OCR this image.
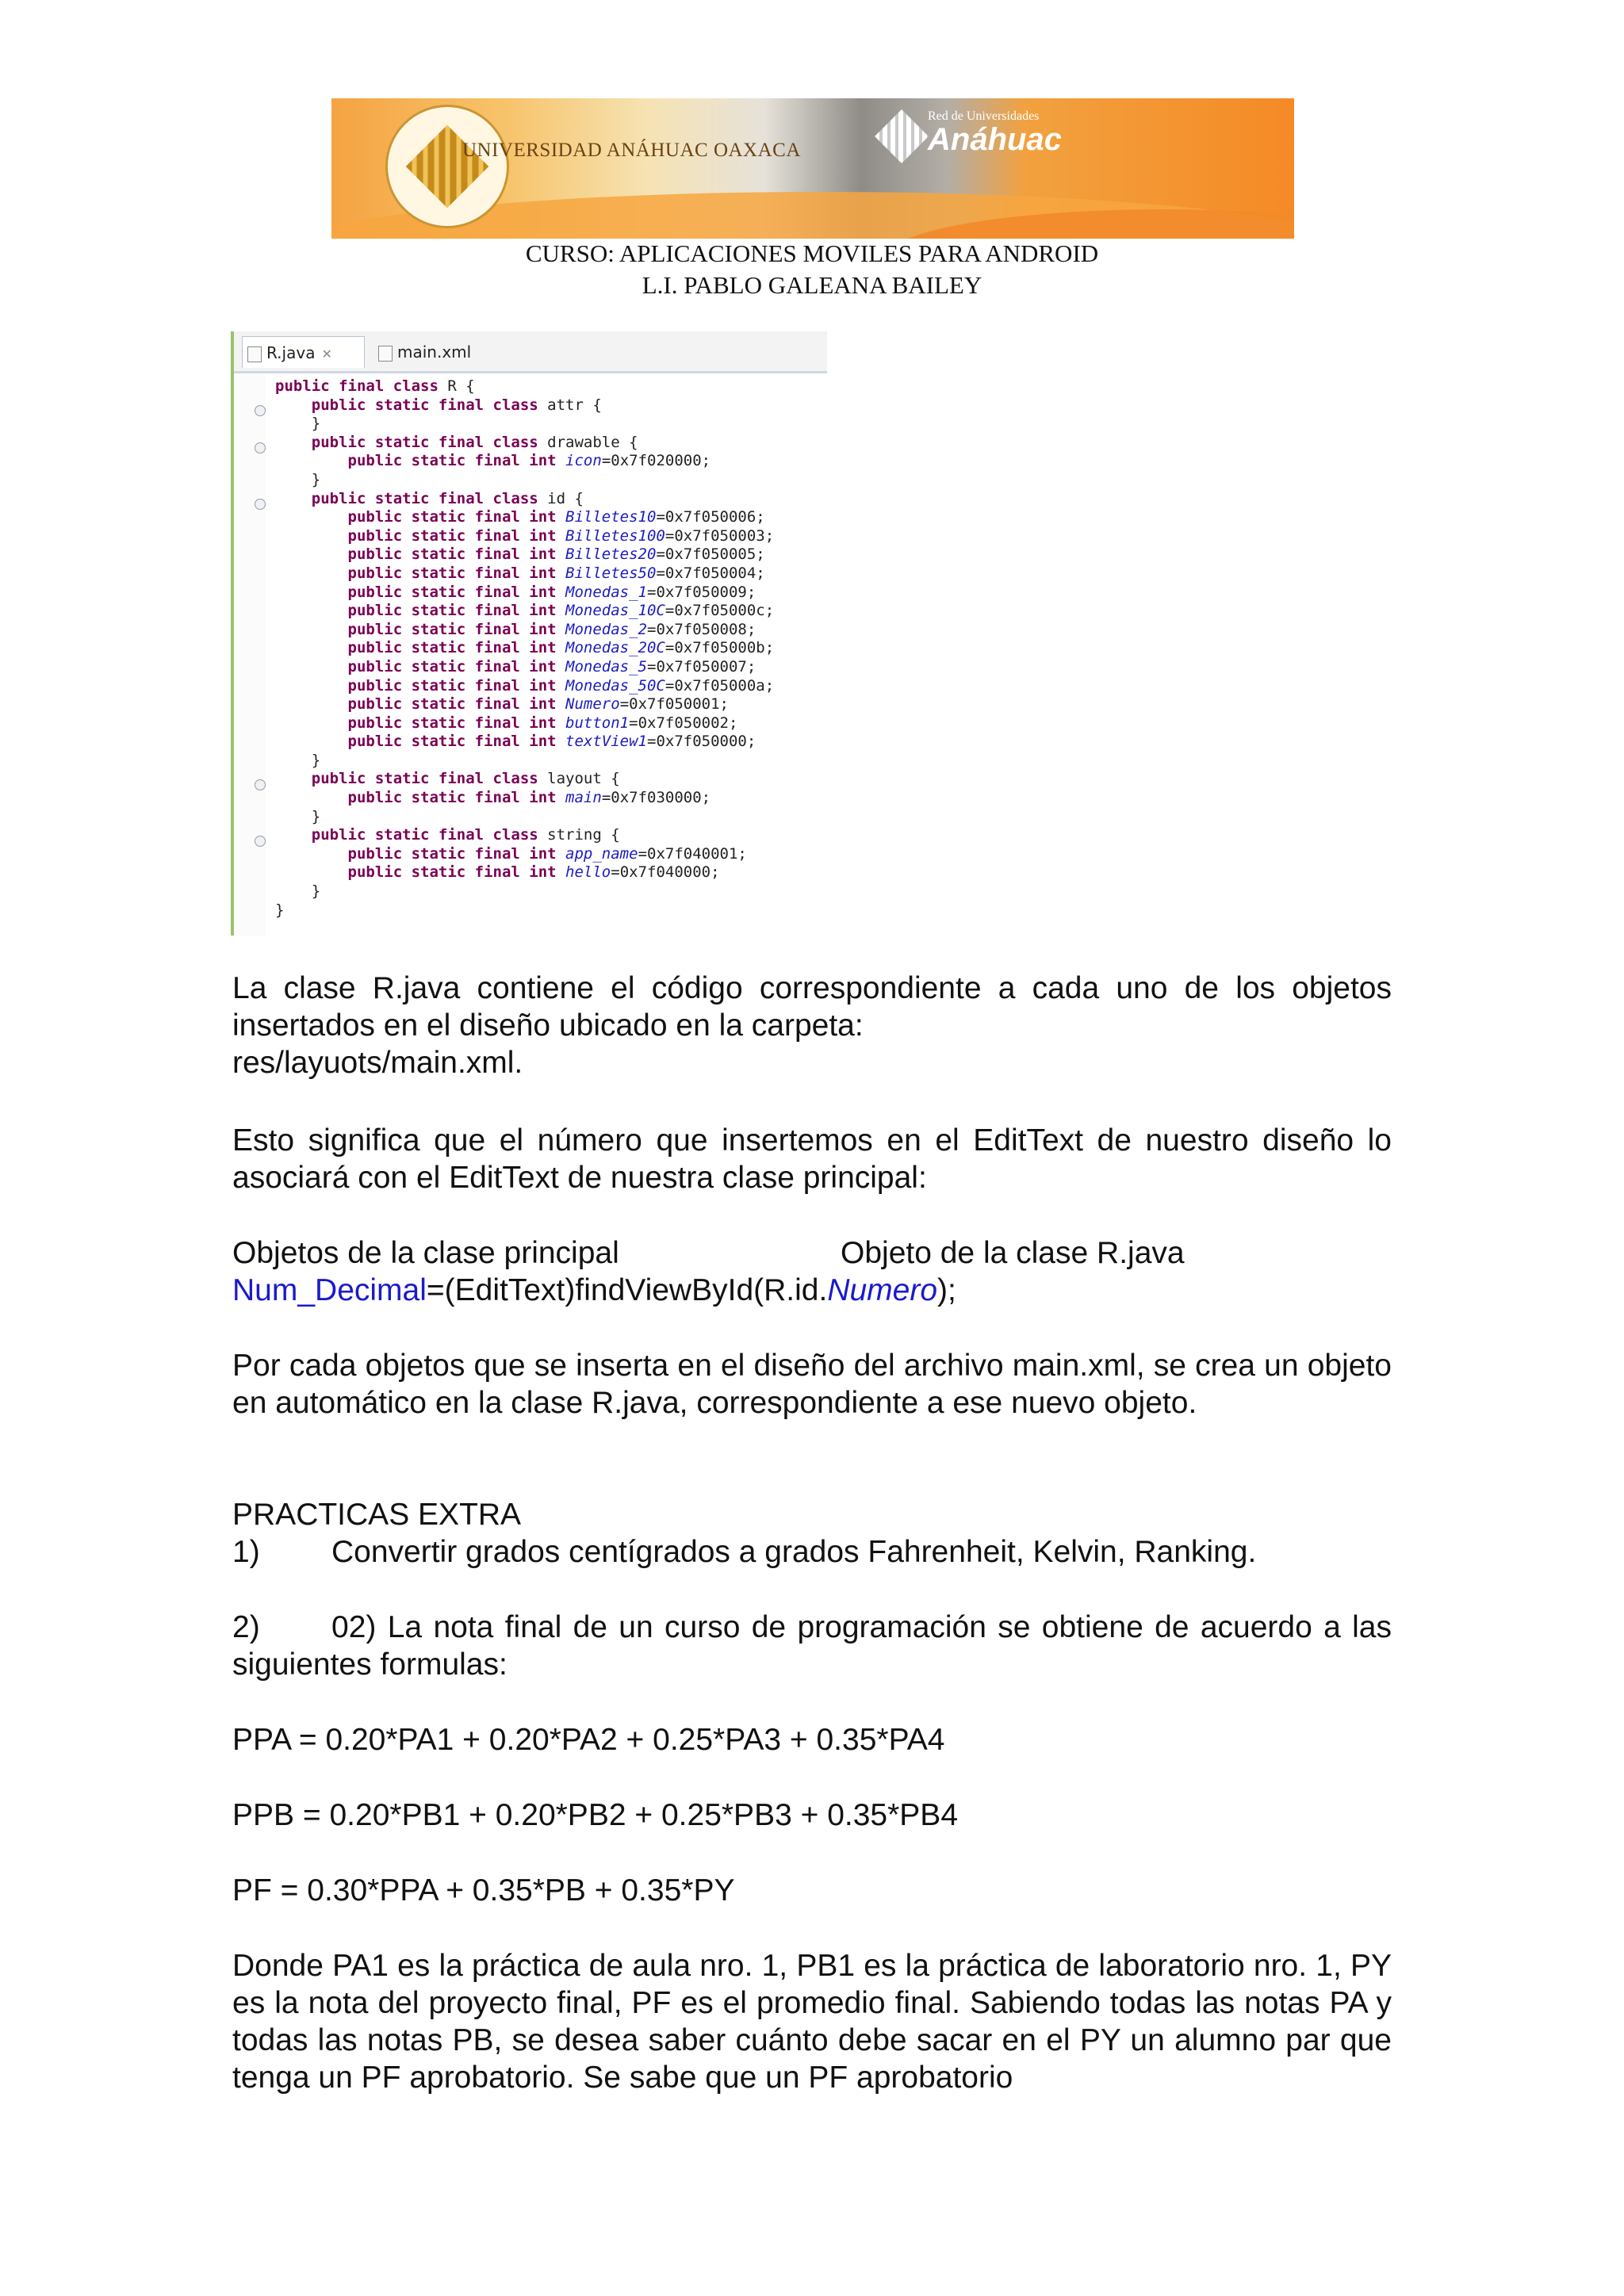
UNIVERSIDAD ANÁHUAC OAXACA
Red de Universidades
Anáhuac
CURSO: APLICACIONES MOVILES PARA ANDROID
L.I. PABLO GALEANA BAILEY
R.java ✕	main.xml
public final class R {
public static final class attr {
}
public static final class drawable {
public static final int icon=0x7f020000;
}
public static final class id {
public static final int Billetes10=0x7f050006;
public static final int Billetes100=0x7f050003;
public static final int Billetes20=0x7f050005;
public static final int Billetes50=0x7f050004;
public static final int Monedas_1=0x7f050009;
public static final int Monedas_10C=0x7f05000c;
public static final int Monedas_2=0x7f050008;
public static final int Monedas_20C=0x7f05000b;
public static final int Monedas_5=0x7f050007;
public static final int Monedas_50C=0x7f05000a;
public static final int Numero=0x7f050001;
public static final int button1=0x7f050002;
public static final int textView1=0x7f050000;
}
public static final class layout {
public static final int main=0x7f030000;
}
public static final class string {
public static final int app_name=0x7f040001;
public static final int hello=0x7f040000;
}
}

La clase R.java contiene el código correspondiente a cada uno de los objetos insertados en el diseño ubicado en la carpeta:
res/layuots/main.xml.

Esto significa que el número que insertemos en el EditText de nuestro diseño lo asociará con el EditText de nuestra clase principal:

Objetos de la clase principal	Objeto de la clase R.java
Num_Decimal=(EditText)findViewById(R.id.Numero);

Por cada objetos que se inserta en el diseño del archivo main.xml, se crea un objeto en automático en la clase R.java, correspondiente a ese nuevo objeto.

PRACTICAS EXTRA
1) Convertir grados centígrados a grados Fahrenheit, Kelvin, Ranking.
2) 02) La nota final de un curso de programación se obtiene de acuerdo a las siguientes formulas:
PPA = 0.20*PA1 + 0.20*PA2 + 0.25*PA3 + 0.35*PA4
PPB = 0.20*PB1 + 0.20*PB2 + 0.25*PB3 + 0.35*PB4
PF = 0.30*PPA + 0.35*PB + 0.35*PY

Donde PA1 es la práctica de aula nro. 1, PB1 es la práctica de laboratorio nro. 1, PY es la nota del proyecto final, PF es el promedio final. Sabiendo todas las notas PA y todas las notas PB, se desea saber cuánto debe sacar en el PY un alumno par que tenga un PF aprobatorio. Se sabe que un PF aprobatorio
